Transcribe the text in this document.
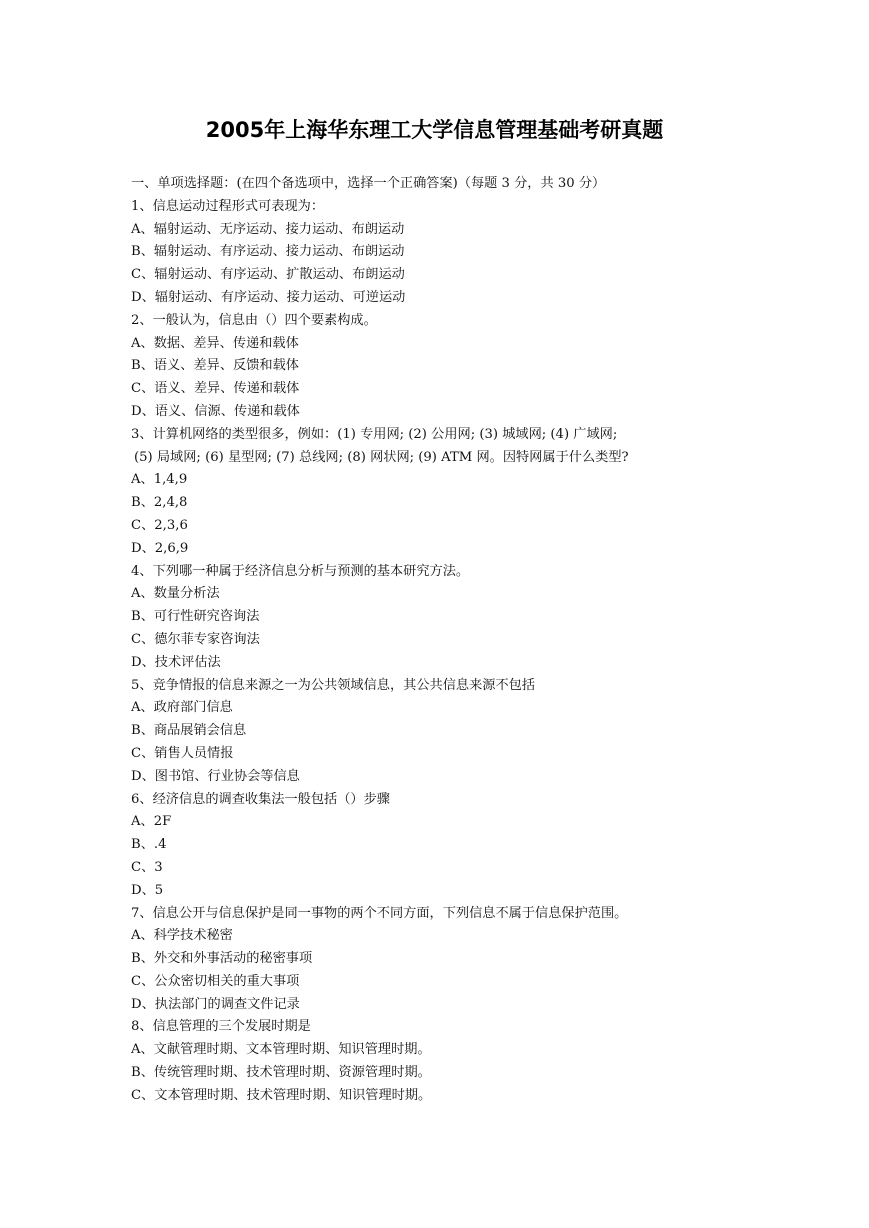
2005年上海华东理工大学信息管理基础考研真题
一、单项选择题：(在四个备选项中，选择一个正确答案)（每题 3 分，共 30 分）
1、信息运动过程形式可表现为：
A、辐射运动、无序运动、接力运动、布朗运动
B、辐射运动、有序运动、接力运动、布朗运动
C、辐射运动、有序运动、扩散运动、布朗运动
D、辐射运动、有序运动、接力运动、可逆运动
2、一般认为，信息由（）四个要素构成。
A、数据、差异、传递和载体
B、语义、差异、反馈和载体
C、语义、差异、传递和载体
D、语义、信源、传递和载体
3、计算机网络的类型很多，例如：(1) 专用网; (2) 公用网; (3) 城域网; (4) 广域网;
(5) 局域网; (6) 星型网; (7) 总线网; (8) 网状网; (9) ATM 网。因特网属于什么类型?
A、1,4,9
B、2,4,8
C、2,3,6
D、2,6,9
4、下列哪一种属于经济信息分析与预测的基本研究方法。
A、数量分析法
B、可行性研究咨询法
C、德尔菲专家咨询法
D、技术评估法
5、竞争情报的信息来源之一为公共领域信息，其公共信息来源不包括
A、政府部门信息
B、商品展销会信息
C、销售人员情报
D、图书馆、行业协会等信息
6、经济信息的调查收集法一般包括（）步骤
A、2F
B、.4
C、3
D、5
7、信息公开与信息保护是同一事物的两个不同方面，下列信息不属于信息保护范围。
A、科学技术秘密
B、外交和外事活动的秘密事项
C、公众密切相关的重大事项
D、执法部门的调查文件记录
8、信息管理的三个发展时期是
A、文献管理时期、文本管理时期、知识管理时期。
B、传统管理时期、技术管理时期、资源管理时期。
C、文本管理时期、技术管理时期、知识管理时期。
